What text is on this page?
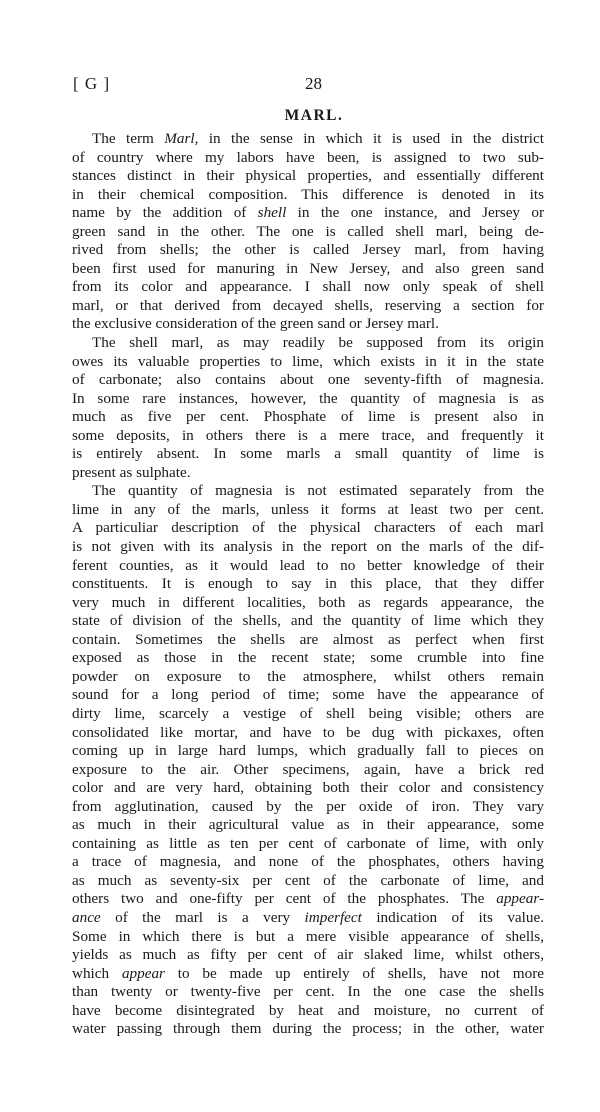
[ G ]	28
MARL.
The term Marl, in the sense in which it is used in the district
of country where my labors have been, is assigned to two sub-
stances distinct in their physical properties, and essentially different
in their chemical composition. This difference is denoted in its
name by the addition of shell in the one instance, and Jersey or
green sand in the other. The one is called shell marl, being de-
rived from shells; the other is called Jersey marl, from having
been first used for manuring in New Jersey, and also green sand
from its color and appearance. I shall now only speak of shell
marl, or that derived from decayed shells, reserving a section for
the exclusive consideration of the green sand or Jersey marl.
The shell marl, as may readily be supposed from its origin
owes its valuable properties to lime, which exists in it in the state
of carbonate; also contains about one seventy-fifth of magnesia.
In some rare instances, however, the quantity of magnesia is as
much as five per cent. Phosphate of lime is present also in
some deposits, in others there is a mere trace, and frequently it
is entirely absent. In some marls a small quantity of lime is
present as sulphate.
The quantity of magnesia is not estimated separately from the
lime in any of the marls, unless it forms at least two per cent.
A particuliar description of the physical characters of each marl
is not given with its analysis in the report on the marls of the dif-
ferent counties, as it would lead to no better knowledge of their
constituents. It is enough to say in this place, that they differ
very much in different localities, both as regards appearance, the
state of division of the shells, and the quantity of lime which they
contain. Sometimes the shells are almost as perfect when first
exposed as those in the recent state; some crumble into fine
powder on exposure to the atmosphere, whilst others remain
sound for a long period of time; some have the appearance of
dirty lime, scarcely a vestige of shell being visible; others are
consolidated like mortar, and have to be dug with pickaxes, often
coming up in large hard lumps, which gradually fall to pieces on
exposure to the air. Other specimens, again, have a brick red
color and are very hard, obtaining both their color and consistency
from agglutination, caused by the per oxide of iron. They vary
as much in their agricultural value as in their appearance, some
containing as little as ten per cent of carbonate of lime, with only
a trace of magnesia, and none of the phosphates, others having
as much as seventy-six per cent of the carbonate of lime, and
others two and one-fifty per cent of the phosphates. The appear-
ance of the marl is a very imperfect indication of its value.
Some in which there is but a mere visible appearance of shells,
yields as much as fifty per cent of air slaked lime, whilst others,
which appear to be made up entirely of shells, have not more
than twenty or twenty-five per cent. In the one case the shells
have become disintegrated by heat and moisture, no current of
water passing through them during the process; in the other, water
